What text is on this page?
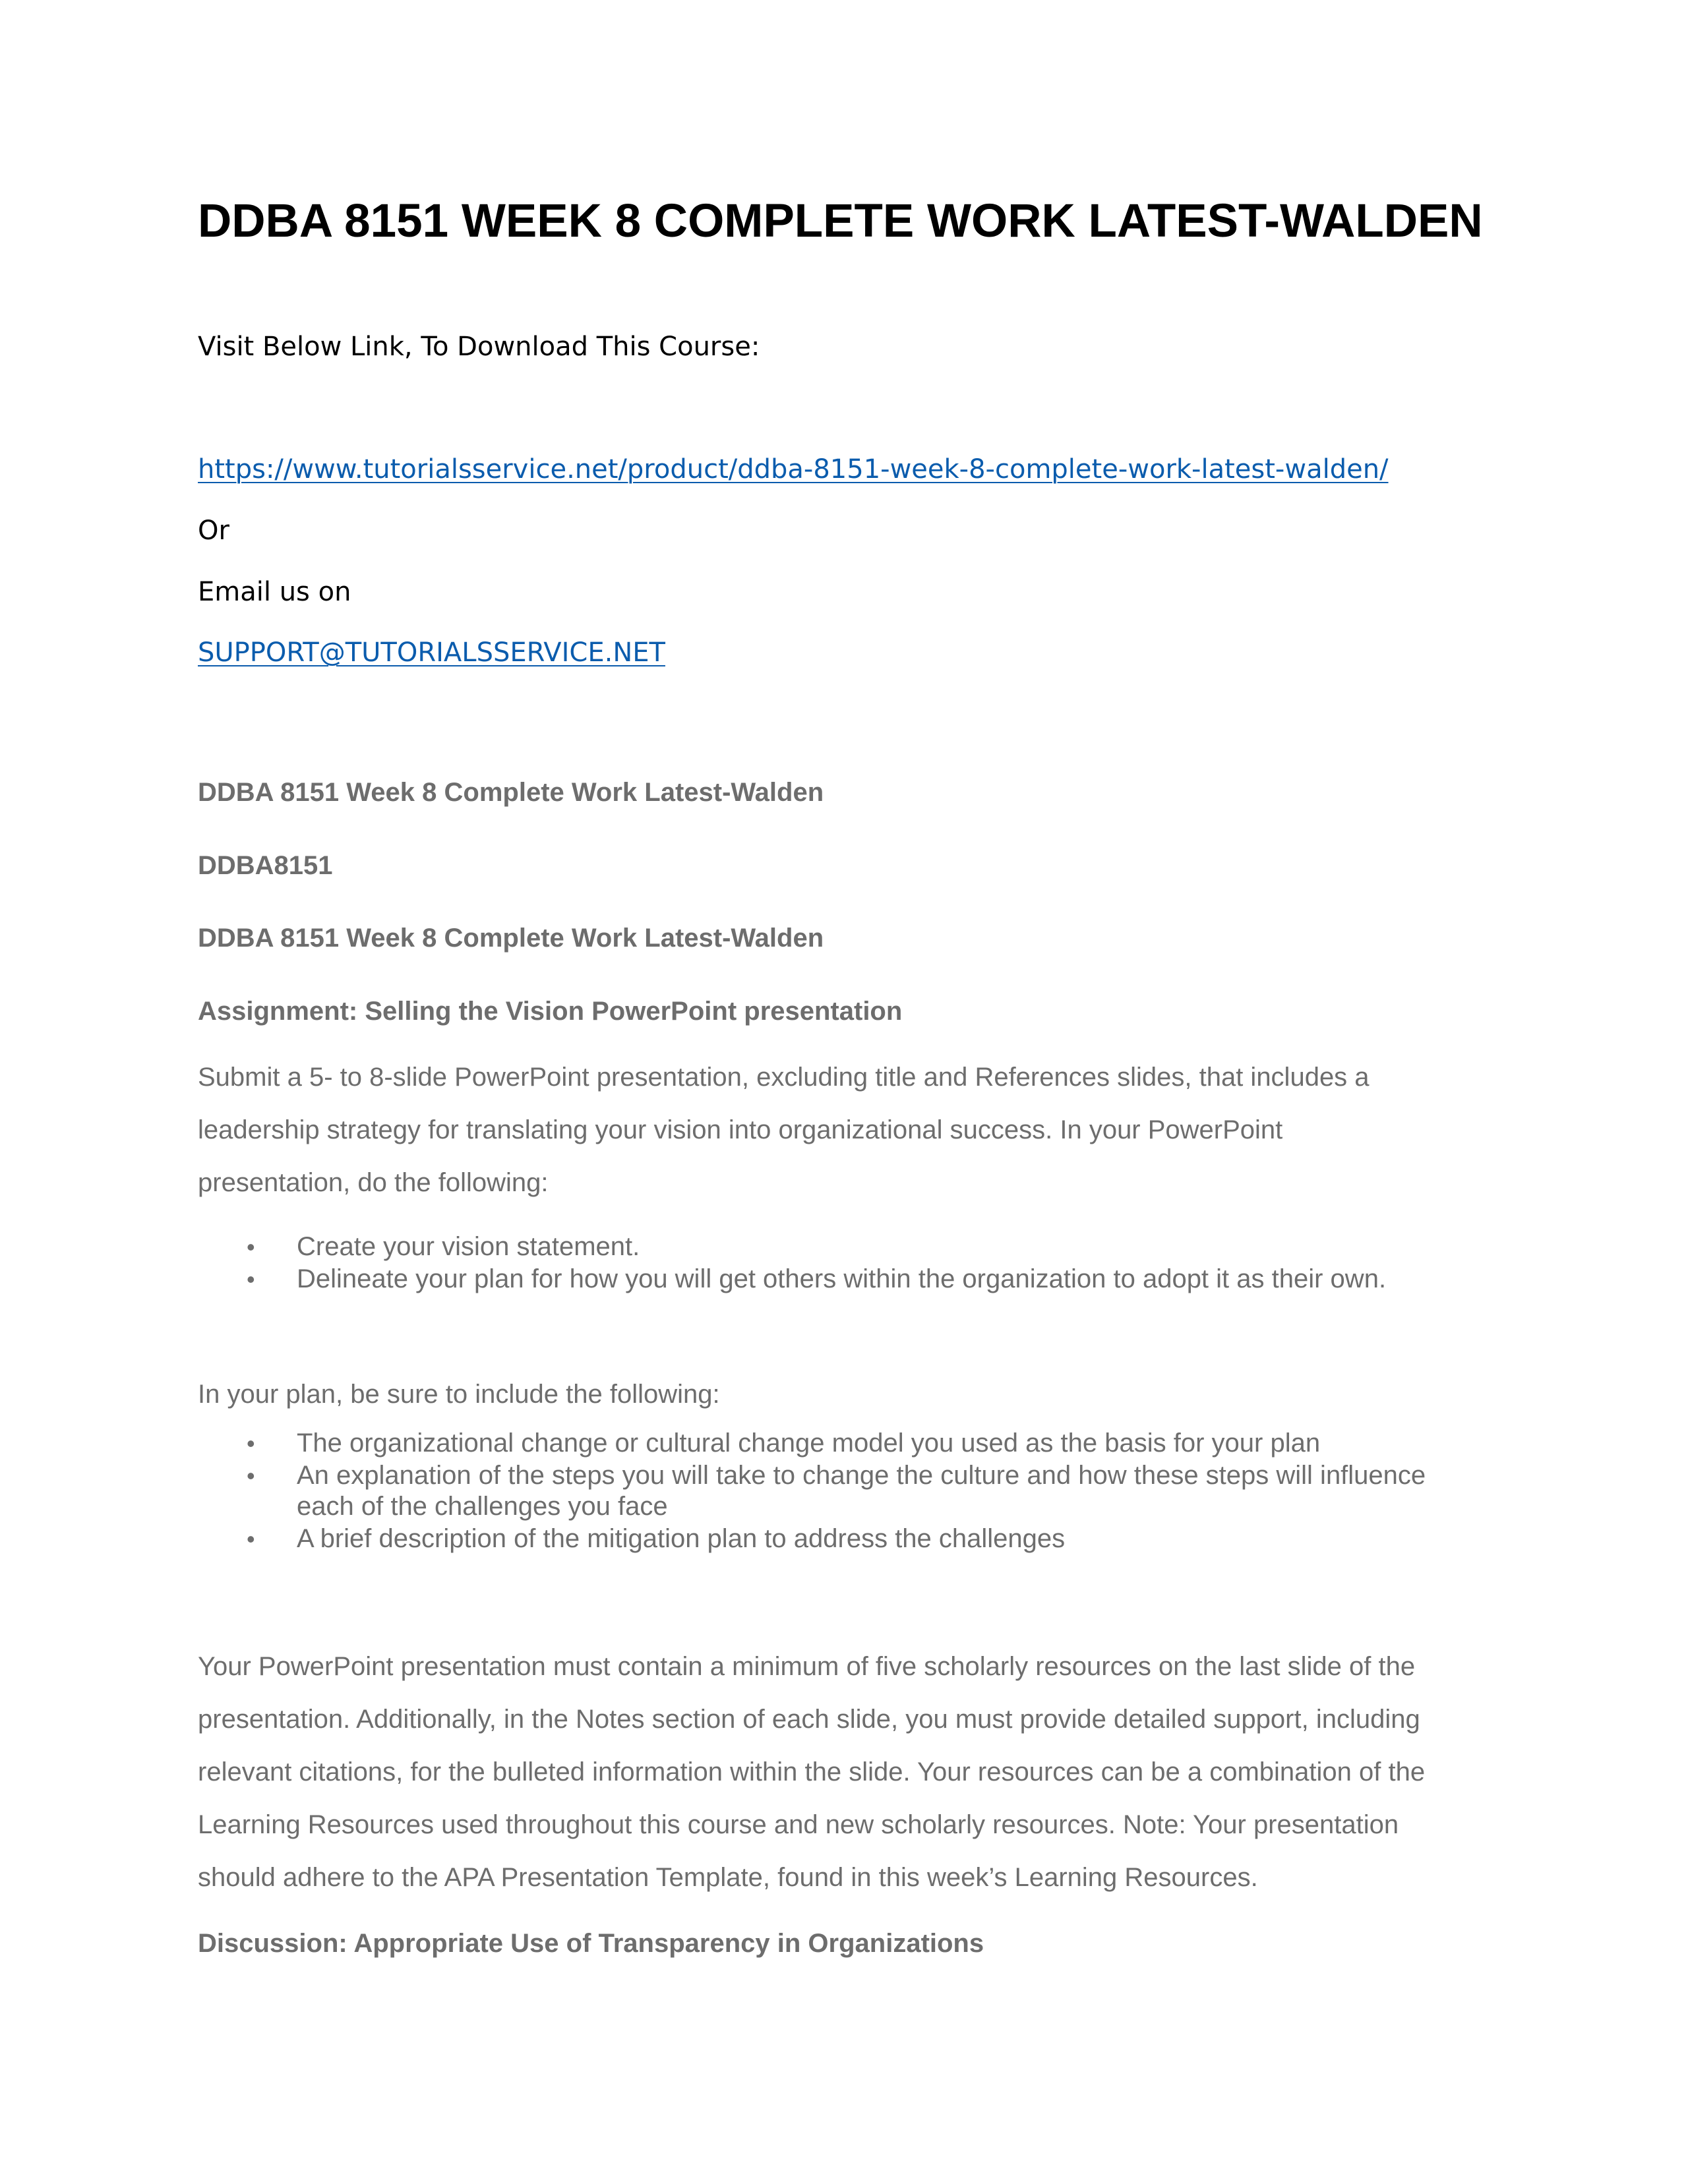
DDBA 8151 WEEK 8 COMPLETE WORK LATEST-WALDEN
Visit Below Link, To Download This Course:
https://www.tutorialsservice.net/product/ddba-8151-week-8-complete-work-latest-walden/
Or
Email us on
SUPPORT@TUTORIALSSERVICE.NET
DDBA 8151 Week 8 Complete Work Latest-Walden
DDBA8151
DDBA 8151 Week 8 Complete Work Latest-Walden
Assignment: Selling the Vision PowerPoint presentation
Submit a 5- to 8-slide PowerPoint presentation, excluding title and References slides, that includes a
leadership strategy for translating your vision into organizational success. In your PowerPoint
presentation, do the following:
• Create your vision statement.
• Delineate your plan for how you will get others within the organization to adopt it as their own.
In your plan, be sure to include the following:
• The organizational change or cultural change model you used as the basis for your plan
• An explanation of the steps you will take to change the culture and how these steps will influence
each of the challenges you face
• A brief description of the mitigation plan to address the challenges
Your PowerPoint presentation must contain a minimum of five scholarly resources on the last slide of the
presentation. Additionally, in the Notes section of each slide, you must provide detailed support, including
relevant citations, for the bulleted information within the slide. Your resources can be a combination of the
Learning Resources used throughout this course and new scholarly resources. Note: Your presentation
should adhere to the APA Presentation Template, found in this week’s Learning Resources.
Discussion: Appropriate Use of Transparency in Organizations
